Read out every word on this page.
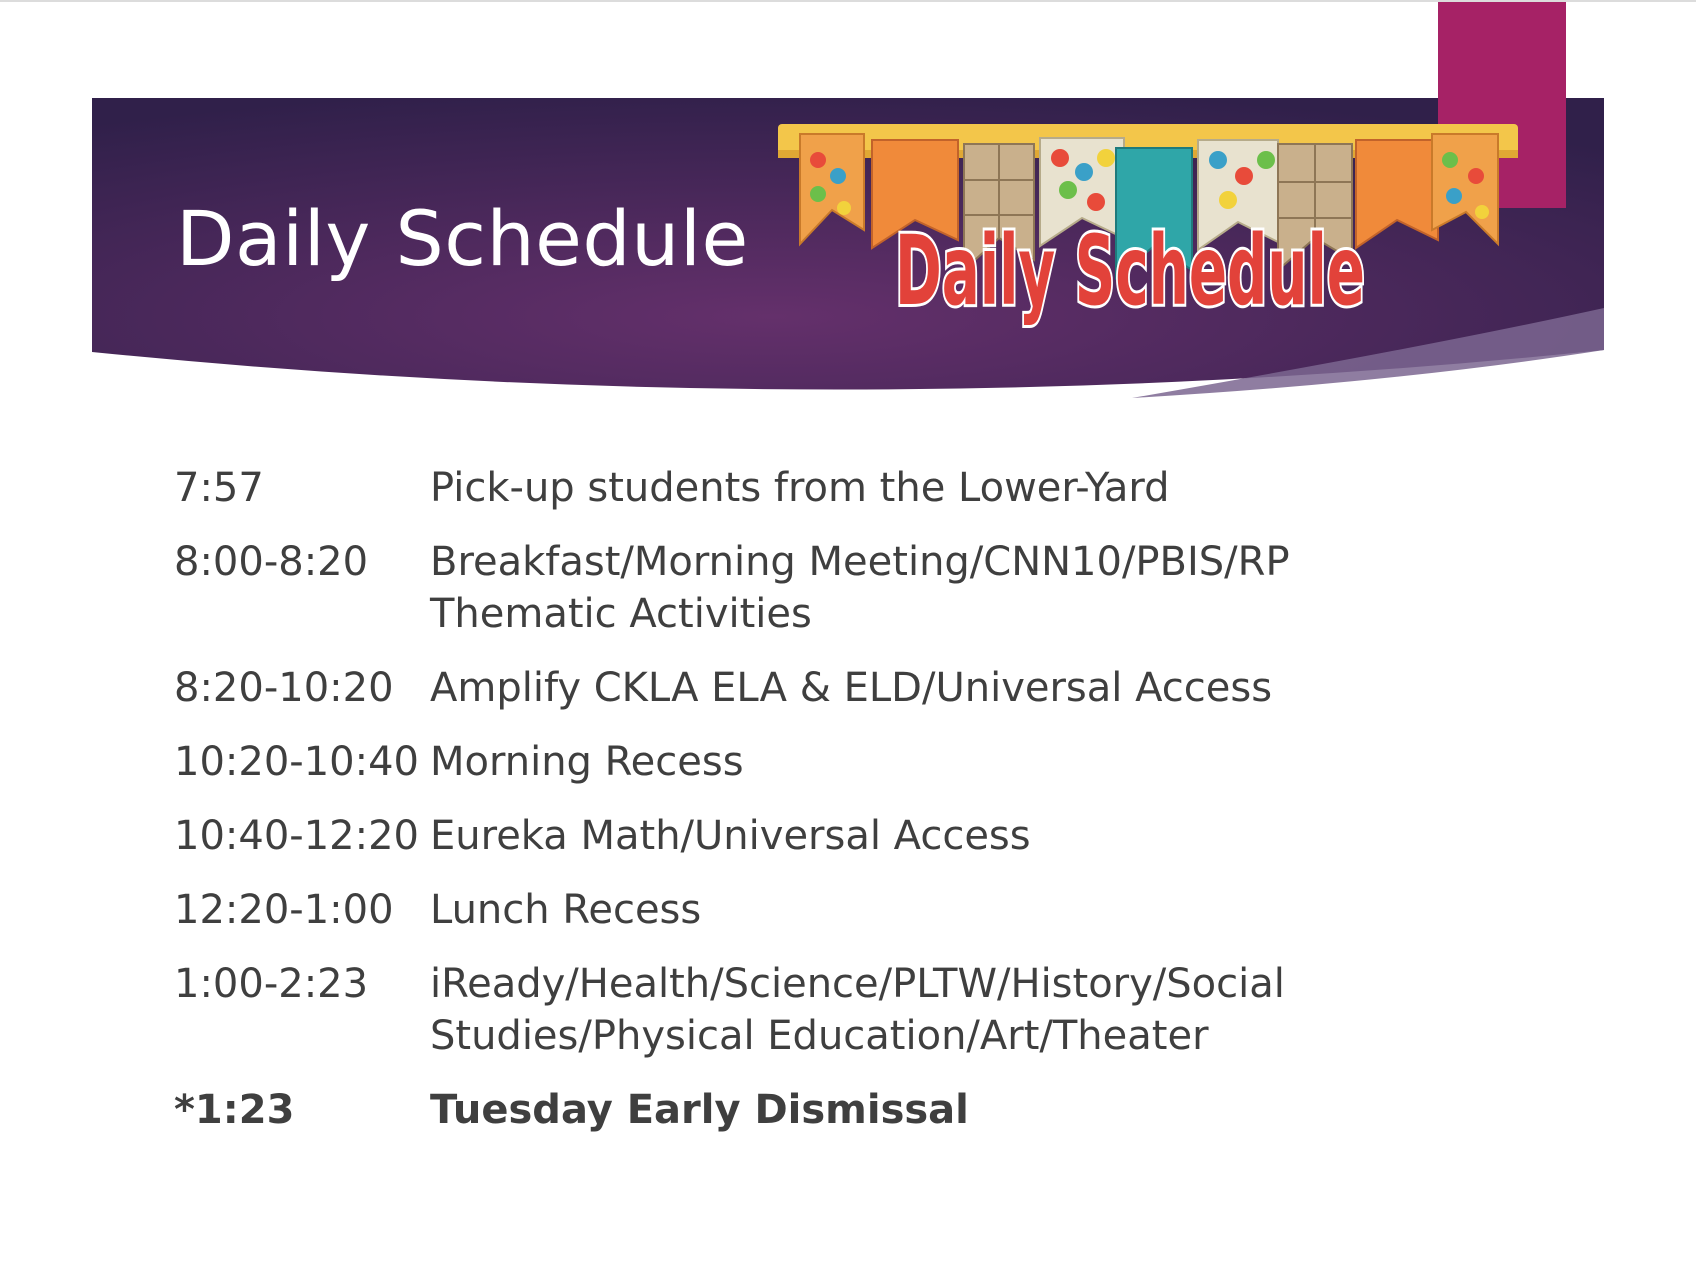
Daily Schedule Daily Schedule
7:57	Pick-up students from the Lower-Yard
8:00-8:20	Breakfast/Morning Meeting/CNN10/PBIS/RP
Thematic Activities
8:20-10:20 Amplify CKLA ELA & ELD/Universal Access
10:20-10:40 Morning Recess
10:40-12:20 Eureka Math/Universal Access
12:20-1:00 Lunch Recess
1:00-2:23	iReady/Health/Science/PLTW/History/Social
Studies/Physical Education/Art/Theater
*1:23	Tuesday Early Dismissal
